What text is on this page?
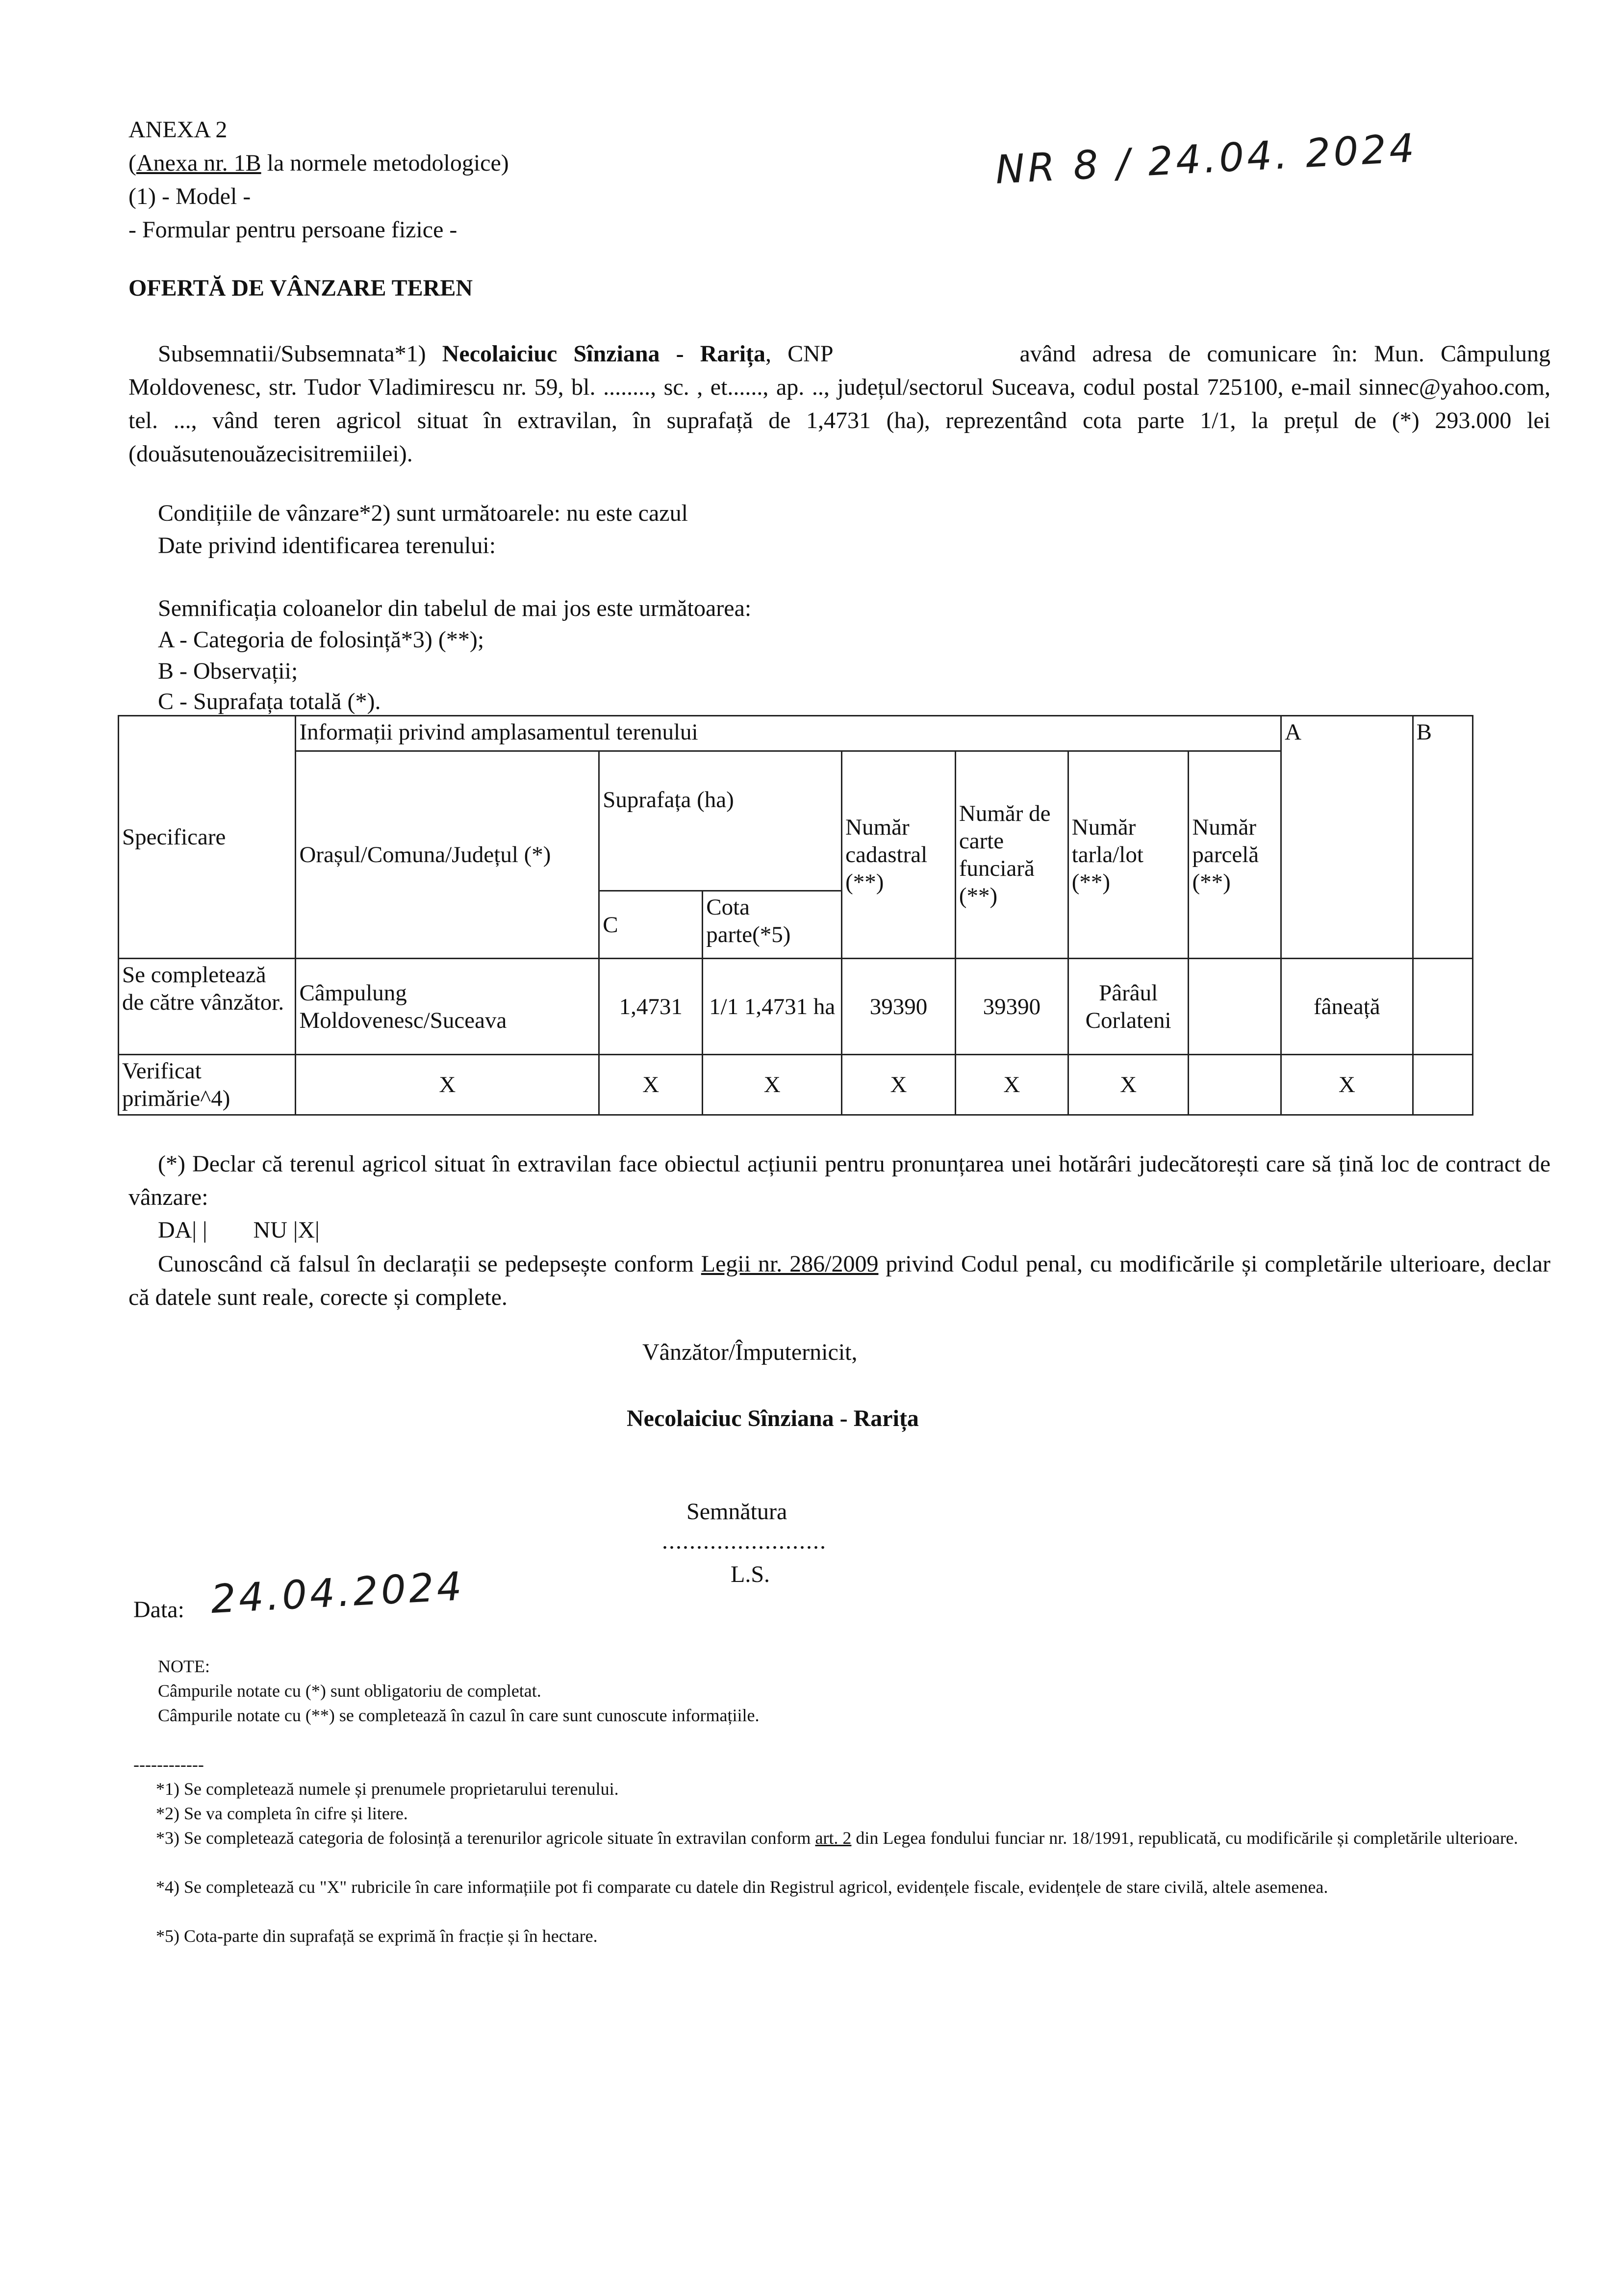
ANEXA 2
(Anexa nr. 1B la normele metodologice)
(1) - Model -
- Formular pentru persoane fizice -
NR 8 / 24.04. 2024
OFERTĂ DE VÂNZARE TEREN
Subsemnatii/Subsemnata*1) Necolaiciuc Sînziana - Rarița, CNP	având adresa de comunicare în: Mun. Câmpulung Moldovenesc, str. Tudor Vladimirescu nr. 59, bl. ........, sc. , et......, ap. .., județul/sectorul Suceava, codul postal 725100, e-mail sinnec@yahoo.com, tel. ..., vând teren agricol situat în extravilan, în suprafață de 1,4731 (ha), reprezentând cota parte 1/1, la prețul de (*) 293.000 lei (douăsutenouăzecisitremiilei).
Condițiile de vânzare*2) sunt următoarele: nu este cazul
Date privind identificarea terenului:
Semnificația coloanelor din tabelul de mai jos este următoarea:
A - Categoria de folosință*3) (**);
B - Observații;
C - Suprafața totală (*).
Specificare	Informații privind amplasamentul terenului							A	B
	Orașul/Comuna/Județul (*)	Suprafața (ha)		Număr cadastral (**)	Număr de carte funciară (**)	Număr tarla/lot (**)	Număr parcelă (**)		
		C	Cota parte(*5)						
Se completează de către vânzător.	Câmpulung Moldovenesc/Suceava	1,4731	1/1 1,4731 ha	39390	39390	Pârâul Corlateni		fâneață	
Verificat primărie^4)	X	X	X	X	X	X		X	
(*) Declar că terenul agricol situat în extravilan face obiectul acțiunii pentru pronunțarea unei hotărâri judecătorești care să țină loc de contract de vânzare:
DA| | NU |X|
Cunoscând că falsul în declarații se pedepsește conform Legii nr. 286/2009 privind Codul penal, cu modificările și completările ulterioare, declar că datele sunt reale, corecte și complete.
Vânzător/Împuternicit,
Necolaiciuc Sînziana - Rarița
Semnătura
........................
L.S.
Data: 24.04.2024
NOTE:
Câmpurile notate cu (*) sunt obligatoriu de completat.
Câmpurile notate cu (**) se completează în cazul în care sunt cunoscute informațiile.
------------
*1) Se completează numele și prenumele proprietarului terenului.
*2) Se va completa în cifre și litere.
*3) Se completează categoria de folosință a terenurilor agricole situate în extravilan conform art. 2 din Legea fondului funciar nr. 18/1991, republicată, cu modificările și completările ulterioare.
*4) Se completează cu "X" rubricile în care informațiile pot fi comparate cu datele din Registrul agricol, evidențele fiscale, evidențele de stare civilă, altele asemenea.
*5) Cota-parte din suprafață se exprimă în fracție și în hectare.
